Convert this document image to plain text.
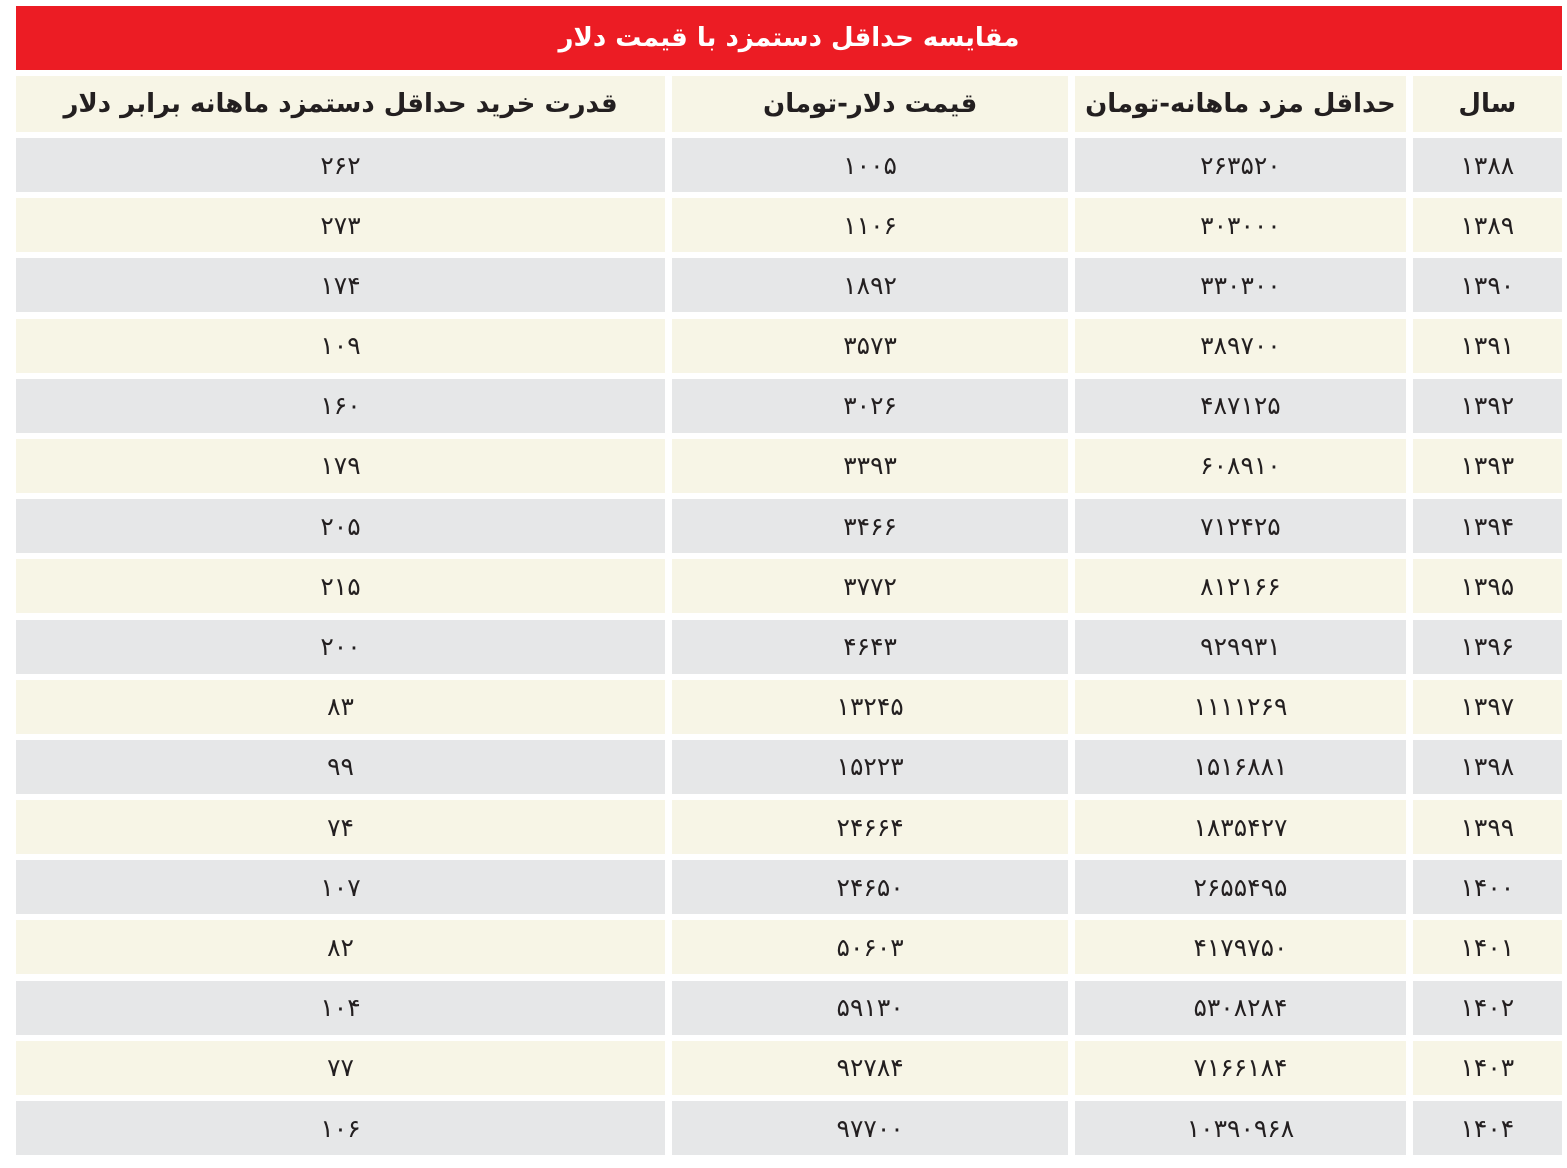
مقایسه حداقل دستمزد با قیمت دلار
سال
حداقل مزد ماهانه-تومان
قیمت دلار-تومان
قدرت خرید حداقل دستمزد ماهانه برابر دلار
۱۳۸۸
۲۶۳۵۲۰
۱۰۰۵
۲۶۲
۱۳۸۹
۳۰۳۰۰۰
۱۱۰۶
۲۷۳
۱۳۹۰
۳۳۰۳۰۰
۱۸۹۲
۱۷۴
۱۳۹۱
۳۸۹۷۰۰
۳۵۷۳
۱۰۹
۱۳۹۲
۴۸۷۱۲۵
۳۰۲۶
۱۶۰
۱۳۹۳
۶۰۸۹۱۰
۳۳۹۳
۱۷۹
۱۳۹۴
۷۱۲۴۲۵
۳۴۶۶
۲۰۵
۱۳۹۵
۸۱۲۱۶۶
۳۷۷۲
۲۱۵
۱۳۹۶
۹۲۹۹۳۱
۴۶۴۳
۲۰۰
۱۳۹۷
۱۱۱۱۲۶۹
۱۳۲۴۵
۸۳
۱۳۹۸
۱۵۱۶۸۸۱
۱۵۲۲۳
۹۹
۱۳۹۹
۱۸۳۵۴۲۷
۲۴۶۶۴
۷۴
۱۴۰۰
۲۶۵۵۴۹۵
۲۴۶۵۰
۱۰۷
۱۴۰۱
۴۱۷۹۷۵۰
۵۰۶۰۳
۸۲
۱۴۰۲
۵۳۰۸۲۸۴
۵۹۱۳۰
۱۰۴
۱۴۰۳
۷۱۶۶۱۸۴
۹۲۷۸۴
۷۷
۱۴۰۴
۱۰۳۹۰۹۶۸
۹۷۷۰۰
۱۰۶
